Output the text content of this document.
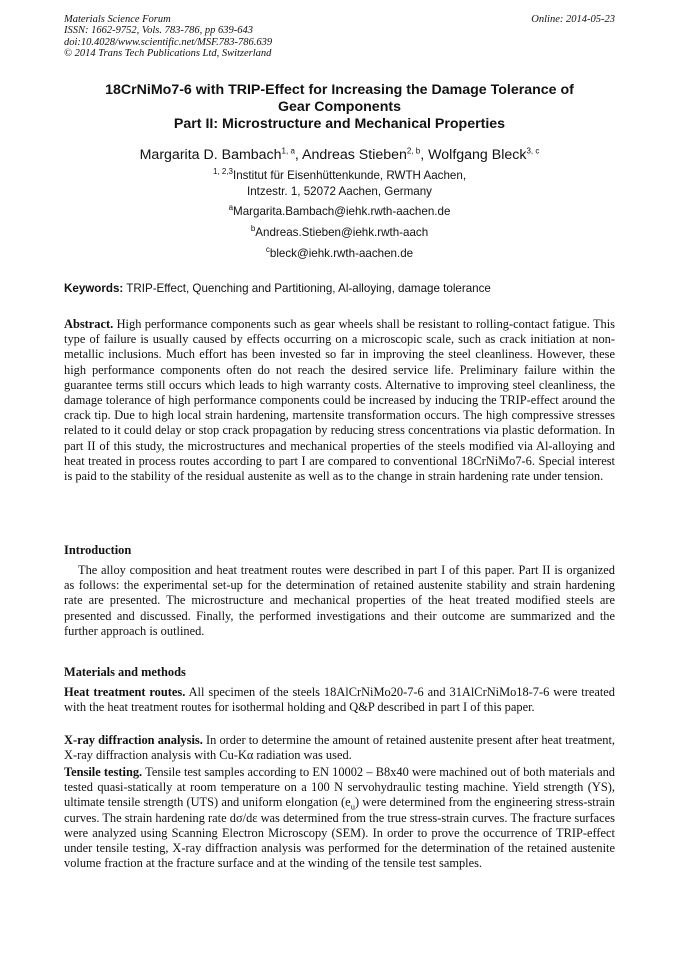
Materials Science Forum
ISSN: 1662-9752, Vols. 783-786, pp 639-643
doi:10.4028/www.scientific.net/MSF.783-786.639
© 2014 Trans Tech Publications Ltd, Switzerland
Online: 2014-05-23
18CrNiMo7-6 with TRIP-Effect for Increasing the Damage Tolerance of
Gear Components
Part II: Microstructure and Mechanical Properties
Margarita D. Bambach$^{1, a}$, Andreas Stieben$^{2, b}$, Wolfgang Bleck$^{3, c}$
$^{1, 2,3}$Institut für Eisenhüttenkunde, RWTH Aachen,
Intzestr. 1, 52072 Aachen, Germany
$^a$Margarita.Bambach@iehk.rwth-aachen.de
$^b$Andreas.Stieben@iehk.rwth-aach
$^c$bleck@iehk.rwth-aachen.de
Keywords: TRIP-Effect, Quenching and Partitioning, Al-alloying, damage tolerance
Abstract. High performance components such as gear wheels shall be resistant to rolling-contact fatigue. This type of failure is usually caused by effects occurring on a microscopic scale, such as crack initiation at non-metallic inclusions. Much effort has been invested so far in improving the steel cleanliness. However, these high performance components often do not reach the desired service life. Preliminary failure within the guarantee terms still occurs which leads to high warranty costs. Alternative to improving steel cleanliness, the damage tolerance of high performance components could be increased by inducing the TRIP-effect around the crack tip. Due to high local strain hardening, martensite transformation occurs. The high compressive stresses related to it could delay or stop crack propagation by reducing stress concentrations via plastic deformation. In part II of this study, the microstructures and mechanical properties of the steels modified via Al-alloying and heat treated in process routes according to part I are compared to conventional 18CrNiMo7-6. Special interest is paid to the stability of the residual austenite as well as to the change in strain hardening rate under tension.
Introduction
The alloy composition and heat treatment routes were described in part I of this paper. Part II is organized as follows: the experimental set-up for the determination of retained austenite stability and strain hardening rate are presented. The microstructure and mechanical properties of the heat treated modified steels are presented and discussed. Finally, the performed investigations and their outcome are summarized and the further approach is outlined.
Materials and methods
Heat treatment routes. All specimen of the steels 18AlCrNiMo20-7-6 and 31AlCrNiMo18-7-6 were treated with the heat treatment routes for isothermal holding and Q&P described in part I of this paper.
X-ray diffraction analysis. In order to determine the amount of retained austenite present after heat treatment, X-ray diffraction analysis with Cu-Kα radiation was used.
Tensile testing. Tensile test samples according to EN 10002 – B8x40 were machined out of both materials and tested quasi-statically at room temperature on a 100 N servohydraulic testing machine. Yield strength (YS), ultimate tensile strength (UTS) and uniform elongation $(e_u)$ were determined from the engineering stress-strain curves. The strain hardening rate dσ/dε was determined from the true stress-strain curves. The fracture surfaces were analyzed using Scanning Electron Microscopy (SEM). In order to prove the occurrence of TRIP-effect under tensile testing, X-ray diffraction analysis was performed for the determination of the retained austenite volume fraction at the fracture surface and at the winding of the tensile test samples.
